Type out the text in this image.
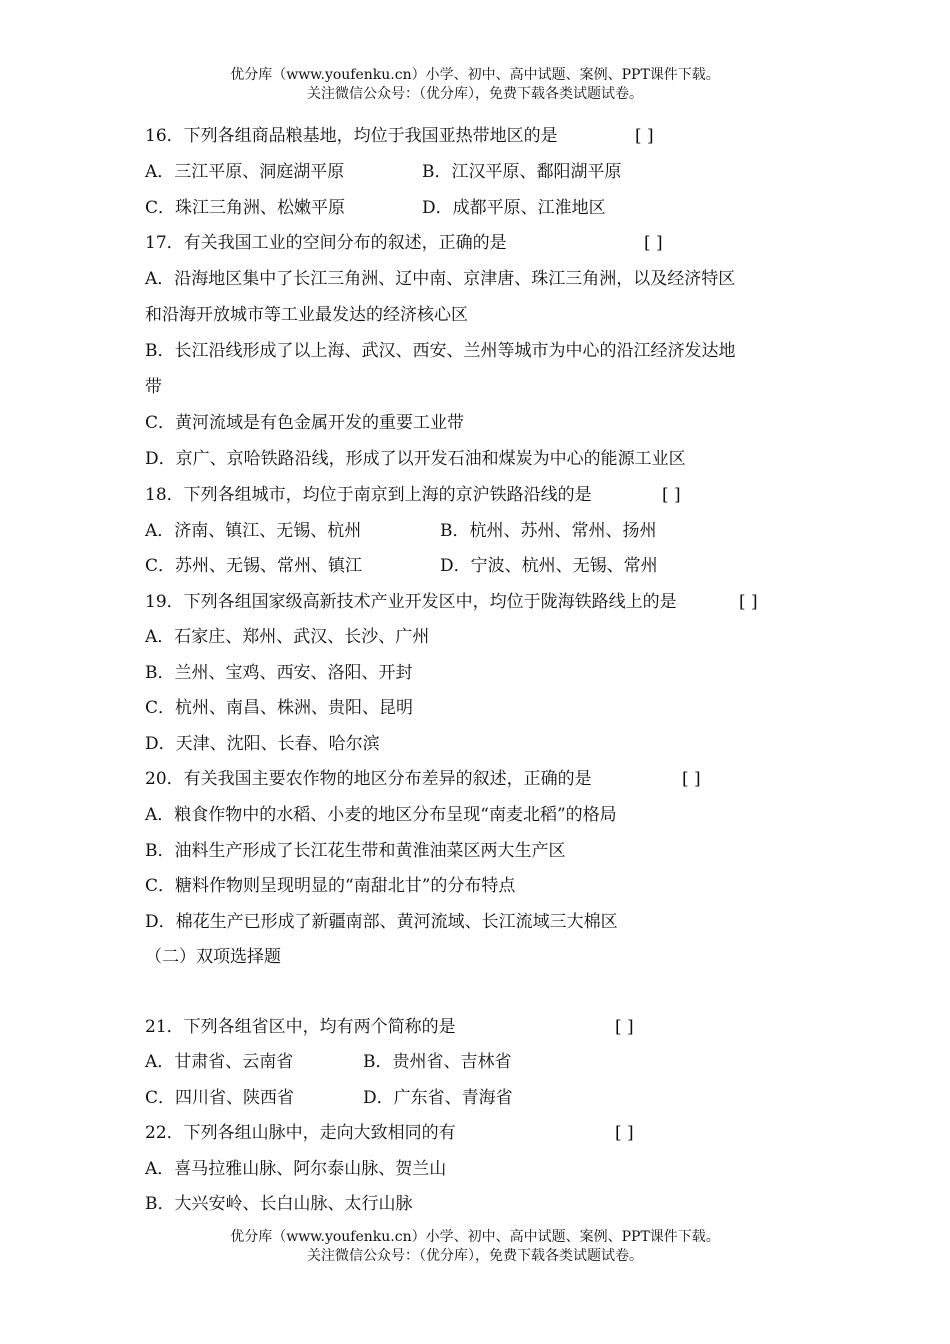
优分库（www.youfenku.cn）小学、初中、高中试题、案例、PPT课件下载。
关注微信公众号：（优分库），免费下载各类试题试卷。
16．下列各组商品粮基地，均位于我国亚热带地区的是	[ ]
A．三江平原、洞庭湖平原	B．江汉平原、鄱阳湖平原
C．珠江三角洲、松嫩平原	D．成都平原、江淮地区
17．有关我国工业的空间分布的叙述，正确的是	[ ]
A．沿海地区集中了长江三角洲、辽中南、京津唐、珠江三角洲，以及经济特区
和沿海开放城市等工业最发达的经济核心区
B．长江沿线形成了以上海、武汉、西安、兰州等城市为中心的沿江经济发达地
带
C．黄河流域是有色金属开发的重要工业带
D．京广、京哈铁路沿线，形成了以开发石油和煤炭为中心的能源工业区
18．下列各组城市，均位于南京到上海的京沪铁路沿线的是	[ ]
A．济南、镇江、无锡、杭州	B．杭州、苏州、常州、扬州
C．苏州、无锡、常州、镇江	D．宁波、杭州、无锡、常州
19．下列各组国家级高新技术产业开发区中，均位于陇海铁路线上的是	[ ]
A．石家庄、郑州、武汉、长沙、广州
B．兰州、宝鸡、西安、洛阳、开封
C．杭州、南昌、株洲、贵阳、昆明
D．天津、沈阳、长春、哈尔滨
20．有关我国主要农作物的地区分布差异的叙述，正确的是	[ ]
A．粮食作物中的水稻、小麦的地区分布呈现“南麦北稻”的格局
B．油料生产形成了长江花生带和黄淮油菜区两大生产区
C．糖料作物则呈现明显的“南甜北甘”的分布特点
D．棉花生产已形成了新疆南部、黄河流域、长江流域三大棉区
（二）双项选择题
21．下列各组省区中，均有两个简称的是	[ ]
A．甘肃省、云南省	B．贵州省、吉林省
C．四川省、陕西省	D．广东省、青海省
22．下列各组山脉中，走向大致相同的有	[ ]
A．喜马拉雅山脉、阿尔泰山脉、贺兰山
B．大兴安岭、长白山脉、太行山脉
优分库（www.youfenku.cn）小学、初中、高中试题、案例、PPT课件下载。
关注微信公众号：（优分库），免费下载各类试题试卷。
